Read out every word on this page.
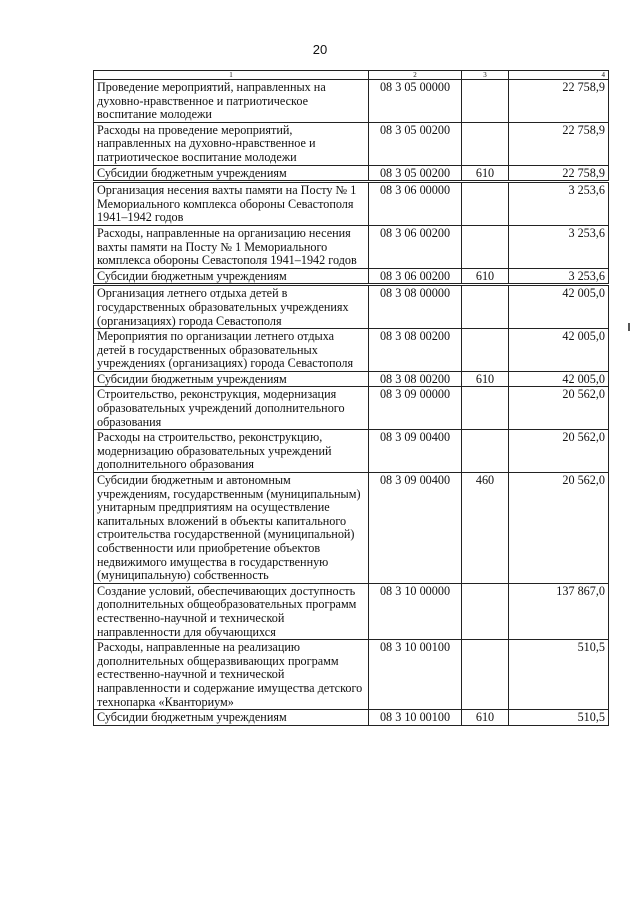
20
1	2	3	4
Проведение мероприятий, направленных на духовно-нравственное и патриотическое воспитание молодежи	08 3 05 00000		22 758,9
Расходы на проведение мероприятий, направленных на духовно-нравственное и патриотическое воспитание молодежи	08 3 05 00200		22 758,9
Субсидии бюджетным учреждениям	08 3 05 00200	610	22 758,9
Организация несения вахты памяти на Посту № 1 Мемориального комплекса обороны Севастополя 1941–1942 годов	08 3 06 00000		3 253,6
Расходы, направленные на организацию несения вахты памяти на Посту № 1 Мемориального комплекса обороны Севастополя 1941–1942 годов	08 3 06 00200		3 253,6
Субсидии бюджетным учреждениям	08 3 06 00200	610	3 253,6
Организация летнего отдыха детей в государственных образовательных учреждениях (организациях) города Севастополя	08 3 08 00000		42 005,0
Мероприятия по организации летнего отдыха детей в государственных образовательных учреждениях (организациях) города Севастополя	08 3 08 00200		42 005,0
Субсидии бюджетным учреждениям	08 3 08 00200	610	42 005,0
Строительство, реконструкция, модернизация образовательных учреждений дополнительного образования	08 3 09 00000		20 562,0
Расходы на строительство, реконструкцию, модернизацию образовательных учреждений дополнительного образования	08 3 09 00400		20 562,0
Субсидии бюджетным и автономным учреждениям, государственным (муниципальным) унитарным предприятиям на осуществление капитальных вложений в объекты капитального строительства государственной (муниципальной) собственности или приобретение объектов недвижимого имущества в государственную (муниципальную) собственность	08 3 09 00400	460	20 562,0
Создание условий, обеспечивающих доступность дополнительных общеобразовательных программ естественно-научной и технической направленности для обучающихся	08 3 10 00000		137 867,0
Расходы, направленные на реализацию дополнительных общеразвивающих программ естественно-научной и технической направленности и содержание имущества детского технопарка «Кванториум»	08 3 10 00100		510,5
Субсидии бюджетным учреждениям	08 3 10 00100	610	510,5
